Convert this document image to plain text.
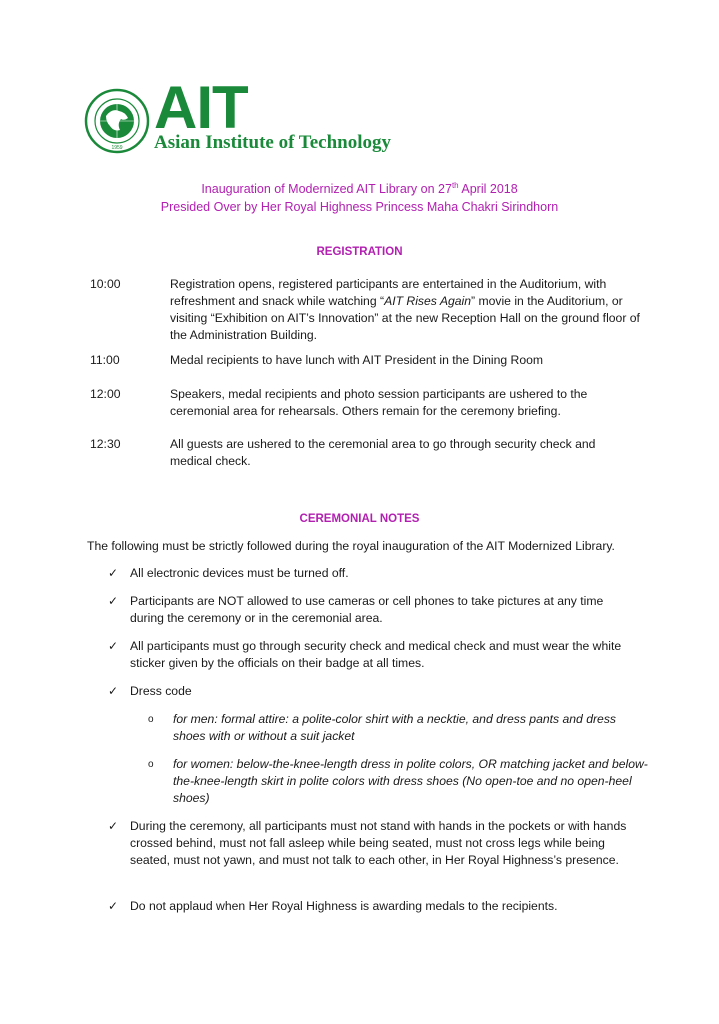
1959
AIT
Asian Institute of Technology
Inauguration of Modernized AIT Library on 27th April 2018
Presided Over by Her Royal Highness Princess Maha Chakri Sirindhorn
REGISTRATION
10:00	Registration opens, registered participants are entertained in the Auditorium, with refreshment and snack while watching “AIT Rises Again” movie in the Auditorium, or visiting “Exhibition on AIT’s Innovation” at the new Reception Hall on the ground floor of the Administration Building.
11:00	Medal recipients to have lunch with AIT President in the Dining Room
12:00	Speakers, medal recipients and photo session participants are ushered to the ceremonial area for rehearsals. Others remain for the ceremony briefing.
12:30	All guests are ushered to the ceremonial area to go through security check and medical check.
CEREMONIAL NOTES
The following must be strictly followed during the royal inauguration of the AIT Modernized Library.
✓ All electronic devices must be turned off.
✓ Participants are NOT allowed to use cameras or cell phones to take pictures at any time during the ceremony or in the ceremonial area.
✓ All participants must go through security check and medical check and must wear the white sticker given by the officials on their badge at all times.
✓ Dress code
o for men: formal attire: a polite-color shirt with a necktie, and dress pants and dress shoes with or without a suit jacket
o for women: below-the-knee-length dress in polite colors, OR matching jacket and below-the-knee-length skirt in polite colors with dress shoes (No open-toe and no open-heel shoes)
✓ During the ceremony, all participants must not stand with hands in the pockets or with hands crossed behind, must not fall asleep while being seated, must not cross legs while being seated, must not yawn, and must not talk to each other, in Her Royal Highness’s presence.
✓ Do not applaud when Her Royal Highness is awarding medals to the recipients.
